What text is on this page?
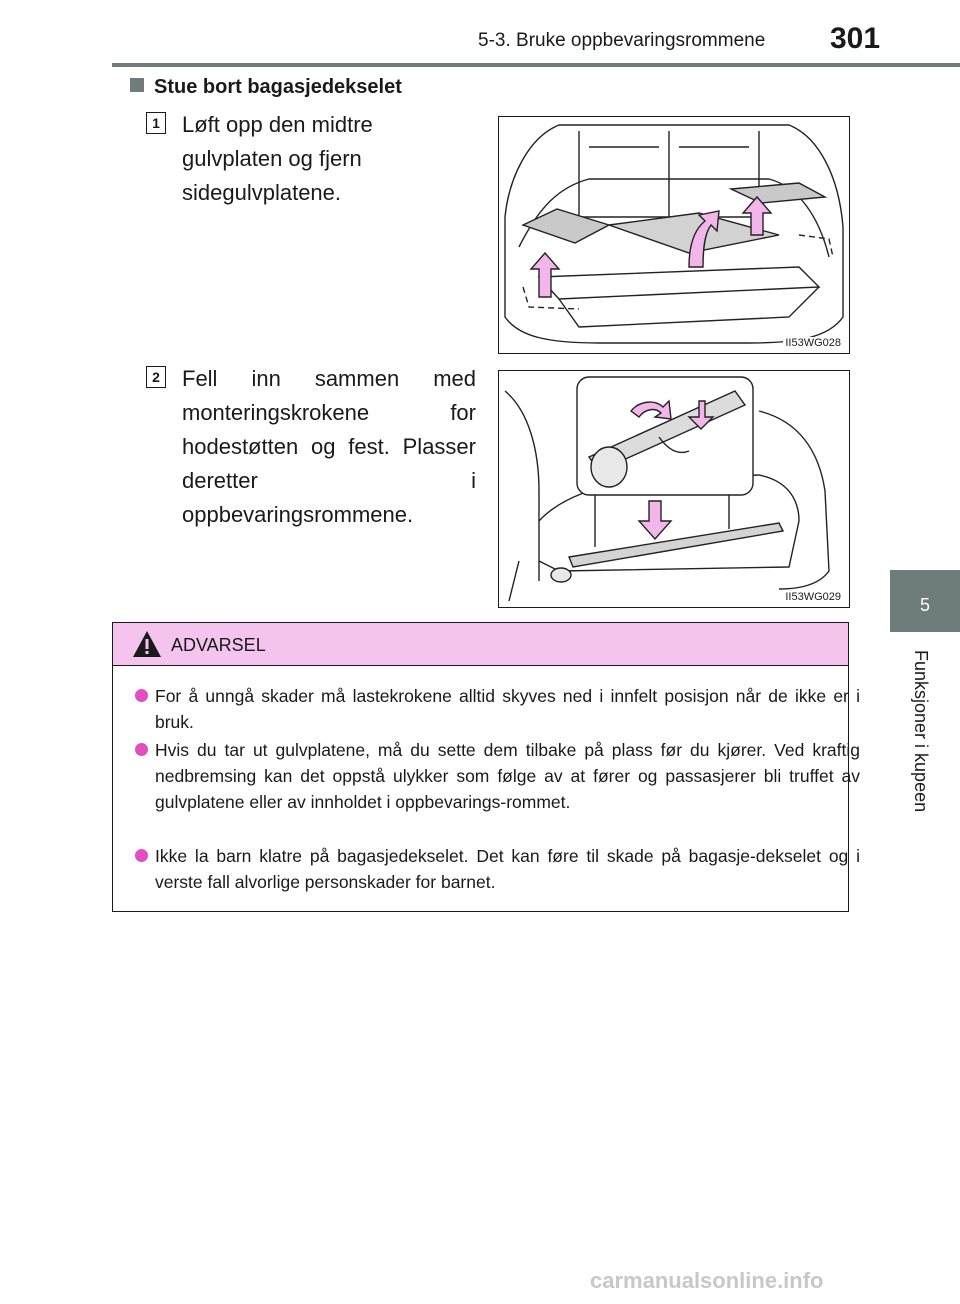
5-3. Bruke oppbevaringsrommene 301
5
Funksjoner i kupeen
Stue bort bagasjedekselet
1 Løft opp den midtre gulvplaten og fjern sidegulvplatene.
II53WG028
2 Fell inn sammen med monteringskrokene for hodestøtten og fest. Plasser deretter i oppbevaringsrommene.
II53WG029
ADVARSEL
For å unngå skader må lastekrokene alltid skyves ned i innfelt posisjon når de ikke er i bruk.
Hvis du tar ut gulvplatene, må du sette dem tilbake på plass før du kjører. Ved kraftig nedbremsing kan det oppstå ulykker som følge av at fører og passasjerer bli truffet av gulvplatene eller av innholdet i oppbevarings-rommet.
Ikke la barn klatre på bagasjedekselet. Det kan føre til skade på bagasje-dekselet og i verste fall alvorlige personskader for barnet.
carmanualsonline.info
